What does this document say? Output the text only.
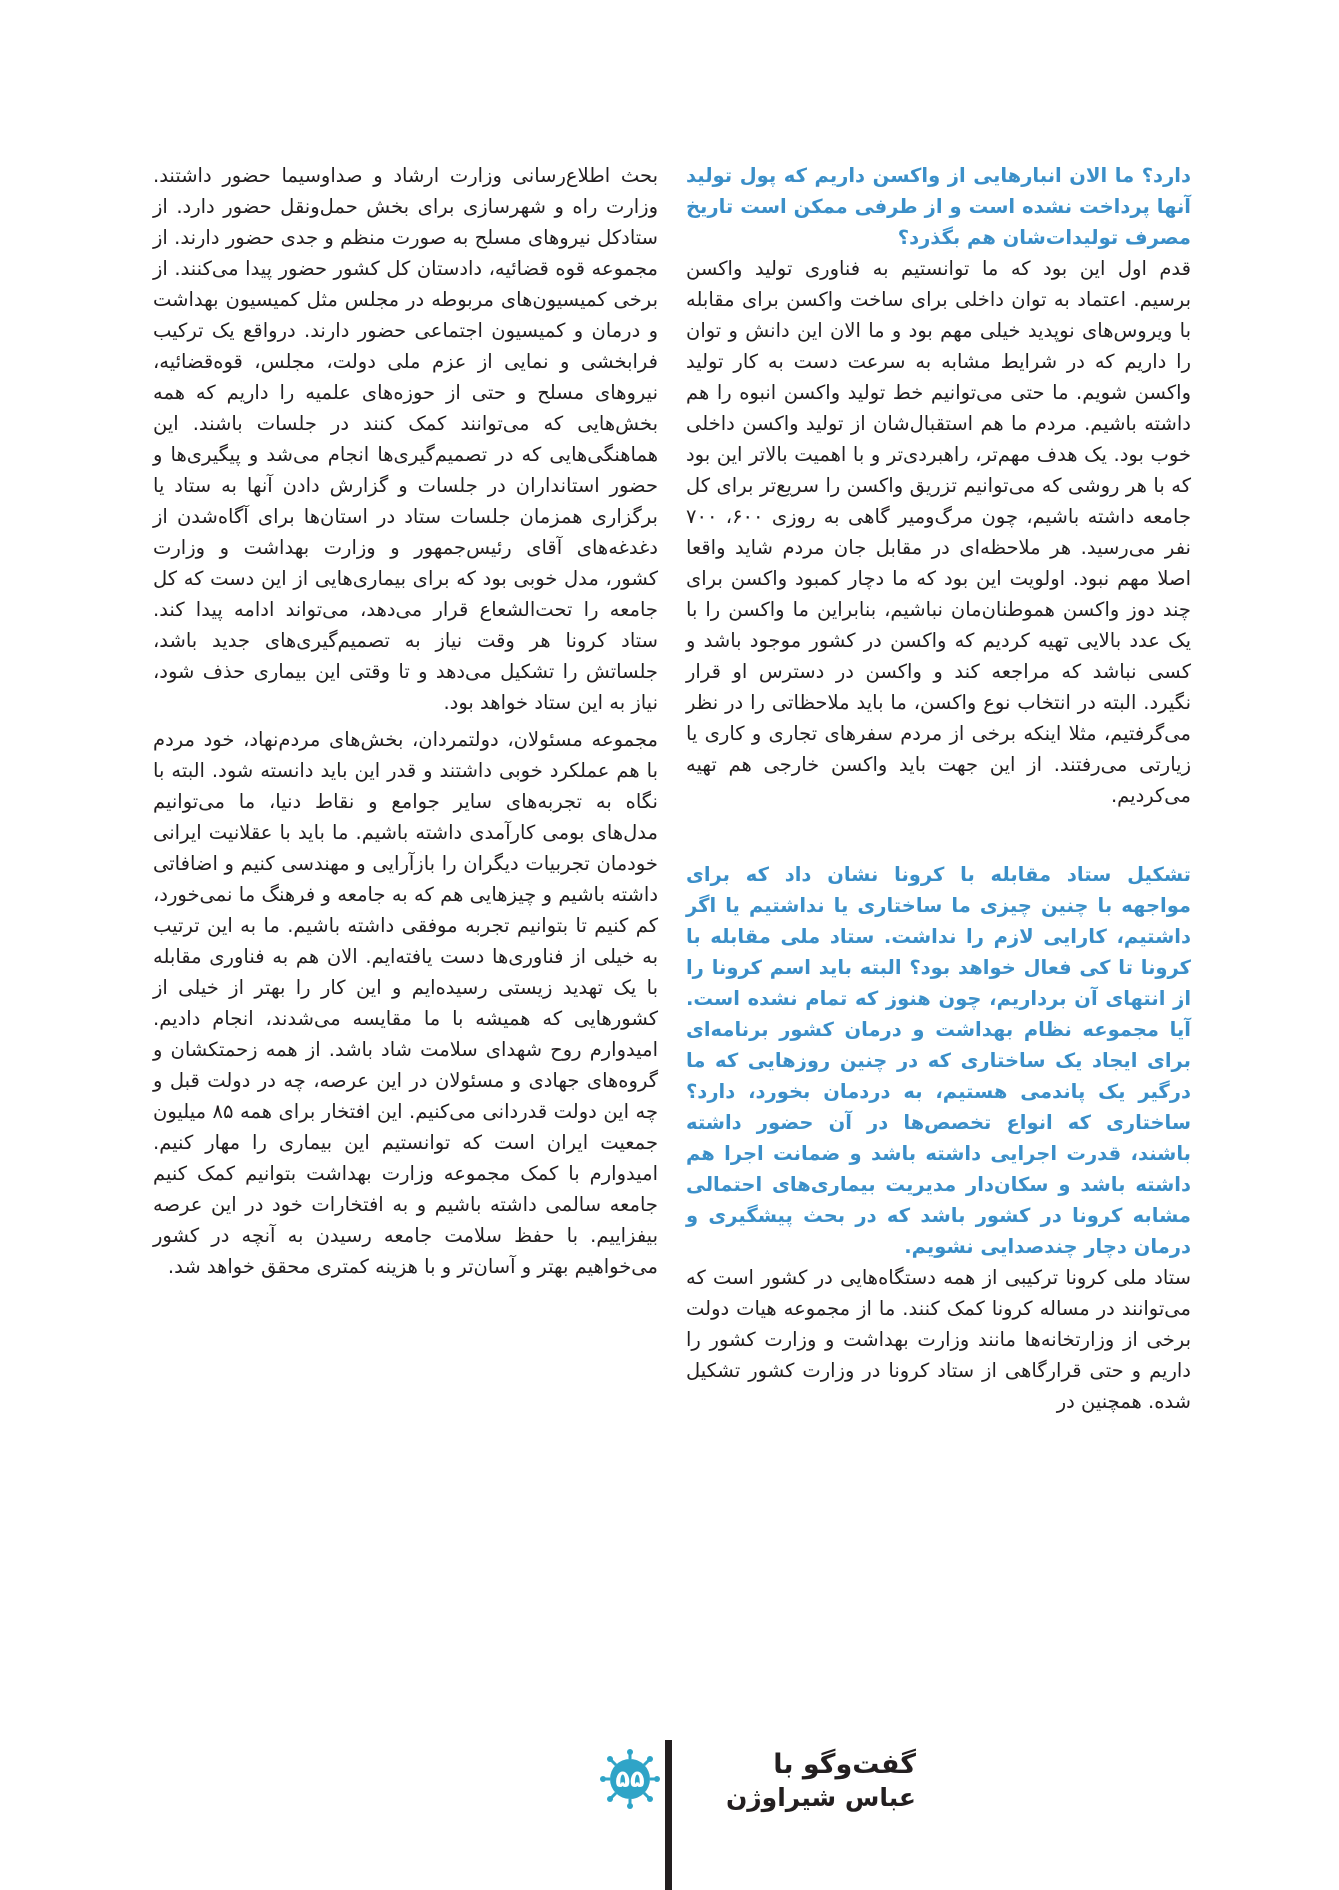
دارد؟ ما الان انبارهایی از واکسن داریم که پول تولید آنها پرداخت نشده است و از طرفی ممکن است تاریخ مصرف تولیدات‌شان هم بگذرد؟

قدم اول این بود که ما توانستیم به فناوری تولید واکسن برسیم. اعتماد به توان داخلی برای ساخت واکسن برای مقابله با ویروس‌های نوپدید خیلی مهم بود و ما الان این دانش و توان را داریم که در شرایط مشابه به سرعت دست به کار تولید واکسن شویم. ما حتی می‌توانیم خط تولید واکسن انبوه را هم داشته باشیم. مردم ما هم استقبال‌شان از تولید واکسن داخلی خوب بود. یک هدف مهم‌تر، راهبردی‌تر و با اهمیت بالاتر این بود که با هر روشی که می‌توانیم تزریق واکسن را سریع‌تر برای کل جامعه داشته باشیم، چون مرگ‌ومیر گاهی به روزی ۶۰۰، ۷۰۰ نفر می‌رسید. هر ملاحظه‌ای در مقابل جان مردم شاید واقعا اصلا مهم نبود. اولویت این بود که ما دچار کمبود واکسن برای چند دوز واکسن هموطنان‌مان نباشیم، بنابراین ما واکسن را با یک عدد بالایی تهیه کردیم که واکسن در کشور موجود باشد و کسی نباشد که مراجعه کند و واکسن در دسترس او قرار نگیرد. البته در انتخاب نوع واکسن، ما باید ملاحظاتی را در نظر می‌گرفتیم، مثلا اینکه برخی از مردم سفرهای تجاری و کاری یا زیارتی می‌رفتند. از این جهت باید واکسن خارجی هم تهیه می‌کردیم.

تشکیل ستاد مقابله با کرونا نشان داد که برای مواجهه با چنین چیزی ما ساختاری یا نداشتیم یا اگر داشتیم، کارایی لازم را نداشت. ستاد ملی مقابله با کرونا تا کی فعال خواهد بود؟ البته باید اسم کرونا را از انتهای آن برداریم، چون هنوز که تمام نشده است. آیا مجموعه نظام بهداشت و درمان کشور برنامه‌ای برای ایجاد یک ساختاری که در چنین روزهایی که ما درگیر یک پاندمی هستیم، به دردمان بخورد، دارد؟ ساختاری که انواع تخصص‌ها در آن حضور داشته باشند، قدرت اجرایی داشته باشد و ضمانت اجرا هم داشته باشد و سکان‌دار مدیریت بیماری‌های احتمالی مشابه کرونا در کشور باشد که در بحث پیشگیری و درمان دچار چندصدایی نشویم.

ستاد ملی کرونا ترکیبی از همه دستگاه‌هایی در کشور است که می‌توانند در مساله کرونا کمک کنند. ما از مجموعه هیات دولت برخی از وزارتخانه‌ها مانند وزارت بهداشت و وزارت کشور را داریم و حتی قرارگاهی از ستاد کرونا در وزارت کشور تشکیل شده. همچنین در

بحث اطلاع‌رسانی وزارت ارشاد و صداوسیما حضور داشتند. وزارت راه و شهرسازی برای بخش حمل‌ونقل حضور دارد. از ستادکل نیروهای مسلح به صورت منظم و جدی حضور دارند. از مجموعه قوه قضائیه، دادستان کل کشور حضور پیدا می‌کنند. از برخی کمیسیون‌های مربوطه در مجلس مثل کمیسیون بهداشت و درمان و کمیسیون اجتماعی حضور دارند. درواقع یک ترکیب فرابخشی و نمایی از عزم ملی دولت، مجلس، قوه‌قضائیه، نیروهای مسلح و حتی از حوزه‌های علمیه را داریم که همه بخش‌هایی که می‌توانند کمک کنند در جلسات باشند. این هماهنگی‌هایی که در تصمیم‌گیری‌ها انجام می‌شد و پیگیری‌ها و حضور استانداران در جلسات و گزارش دادن آنها به ستاد یا برگزاری همزمان جلسات ستاد در استان‌ها برای آگاه‌شدن از دغدغه‌های آقای رئیس‌جمهور و وزارت بهداشت و وزارت کشور، مدل خوبی بود که برای بیماری‌هایی از این دست که کل جامعه را تحت‌الشعاع قرار می‌دهد، می‌تواند ادامه پیدا کند. ستاد کرونا هر وقت نیاز به تصمیم‌گیری‌های جدید باشد، جلساتش را تشکیل می‌دهد و تا وقتی این بیماری حذف شود، نیاز به این ستاد خواهد بود.

مجموعه مسئولان، دولتمردان، بخش‌های مردم‌نهاد، خود مردم با هم عملکرد خوبی داشتند و قدر این باید دانسته شود. البته با نگاه به تجربه‌های سایر جوامع و نقاط دنیا، ما می‌توانیم مدل‌های بومی کارآمدی داشته باشیم. ما باید با عقلانیت ایرانی خودمان تجربیات دیگران را بازآرایی و مهندسی کنیم و اضافاتی داشته باشیم و چیزهایی هم که به جامعه و فرهنگ ما نمی‌خورد، کم کنیم تا بتوانیم تجربه موفقی داشته باشیم. ما به این ترتیب به خیلی از فناوری‌ها دست یافته‌ایم. الان هم به فناوری مقابله با یک تهدید زیستی رسیده‌ایم و این کار را بهتر از خیلی از کشورهایی که همیشه با ما مقایسه می‌شدند، انجام دادیم. امیدوارم روح شهدای سلامت شاد باشد. از همه زحمتکشان و گروه‌های جهادی و مسئولان در این عرصه، چه در دولت قبل و چه این دولت قدردانی می‌کنیم. این افتخار برای همه ۸۵ میلیون جمعیت ایران است که توانستیم این بیماری را مهار کنیم. امیدوارم با کمک مجموعه وزارت بهداشت بتوانیم کمک کنیم جامعه سالمی داشته باشیم و به افتخارات خود در این عرصه بیفزاییم. با حفظ سلامت جامعه رسیدن به آنچه در کشور می‌خواهیم بهتر و آسان‌تر و با هزینه کمتری محقق خواهد شد.

گفت‌وگو با
عباس شیراوژن
۵۵
